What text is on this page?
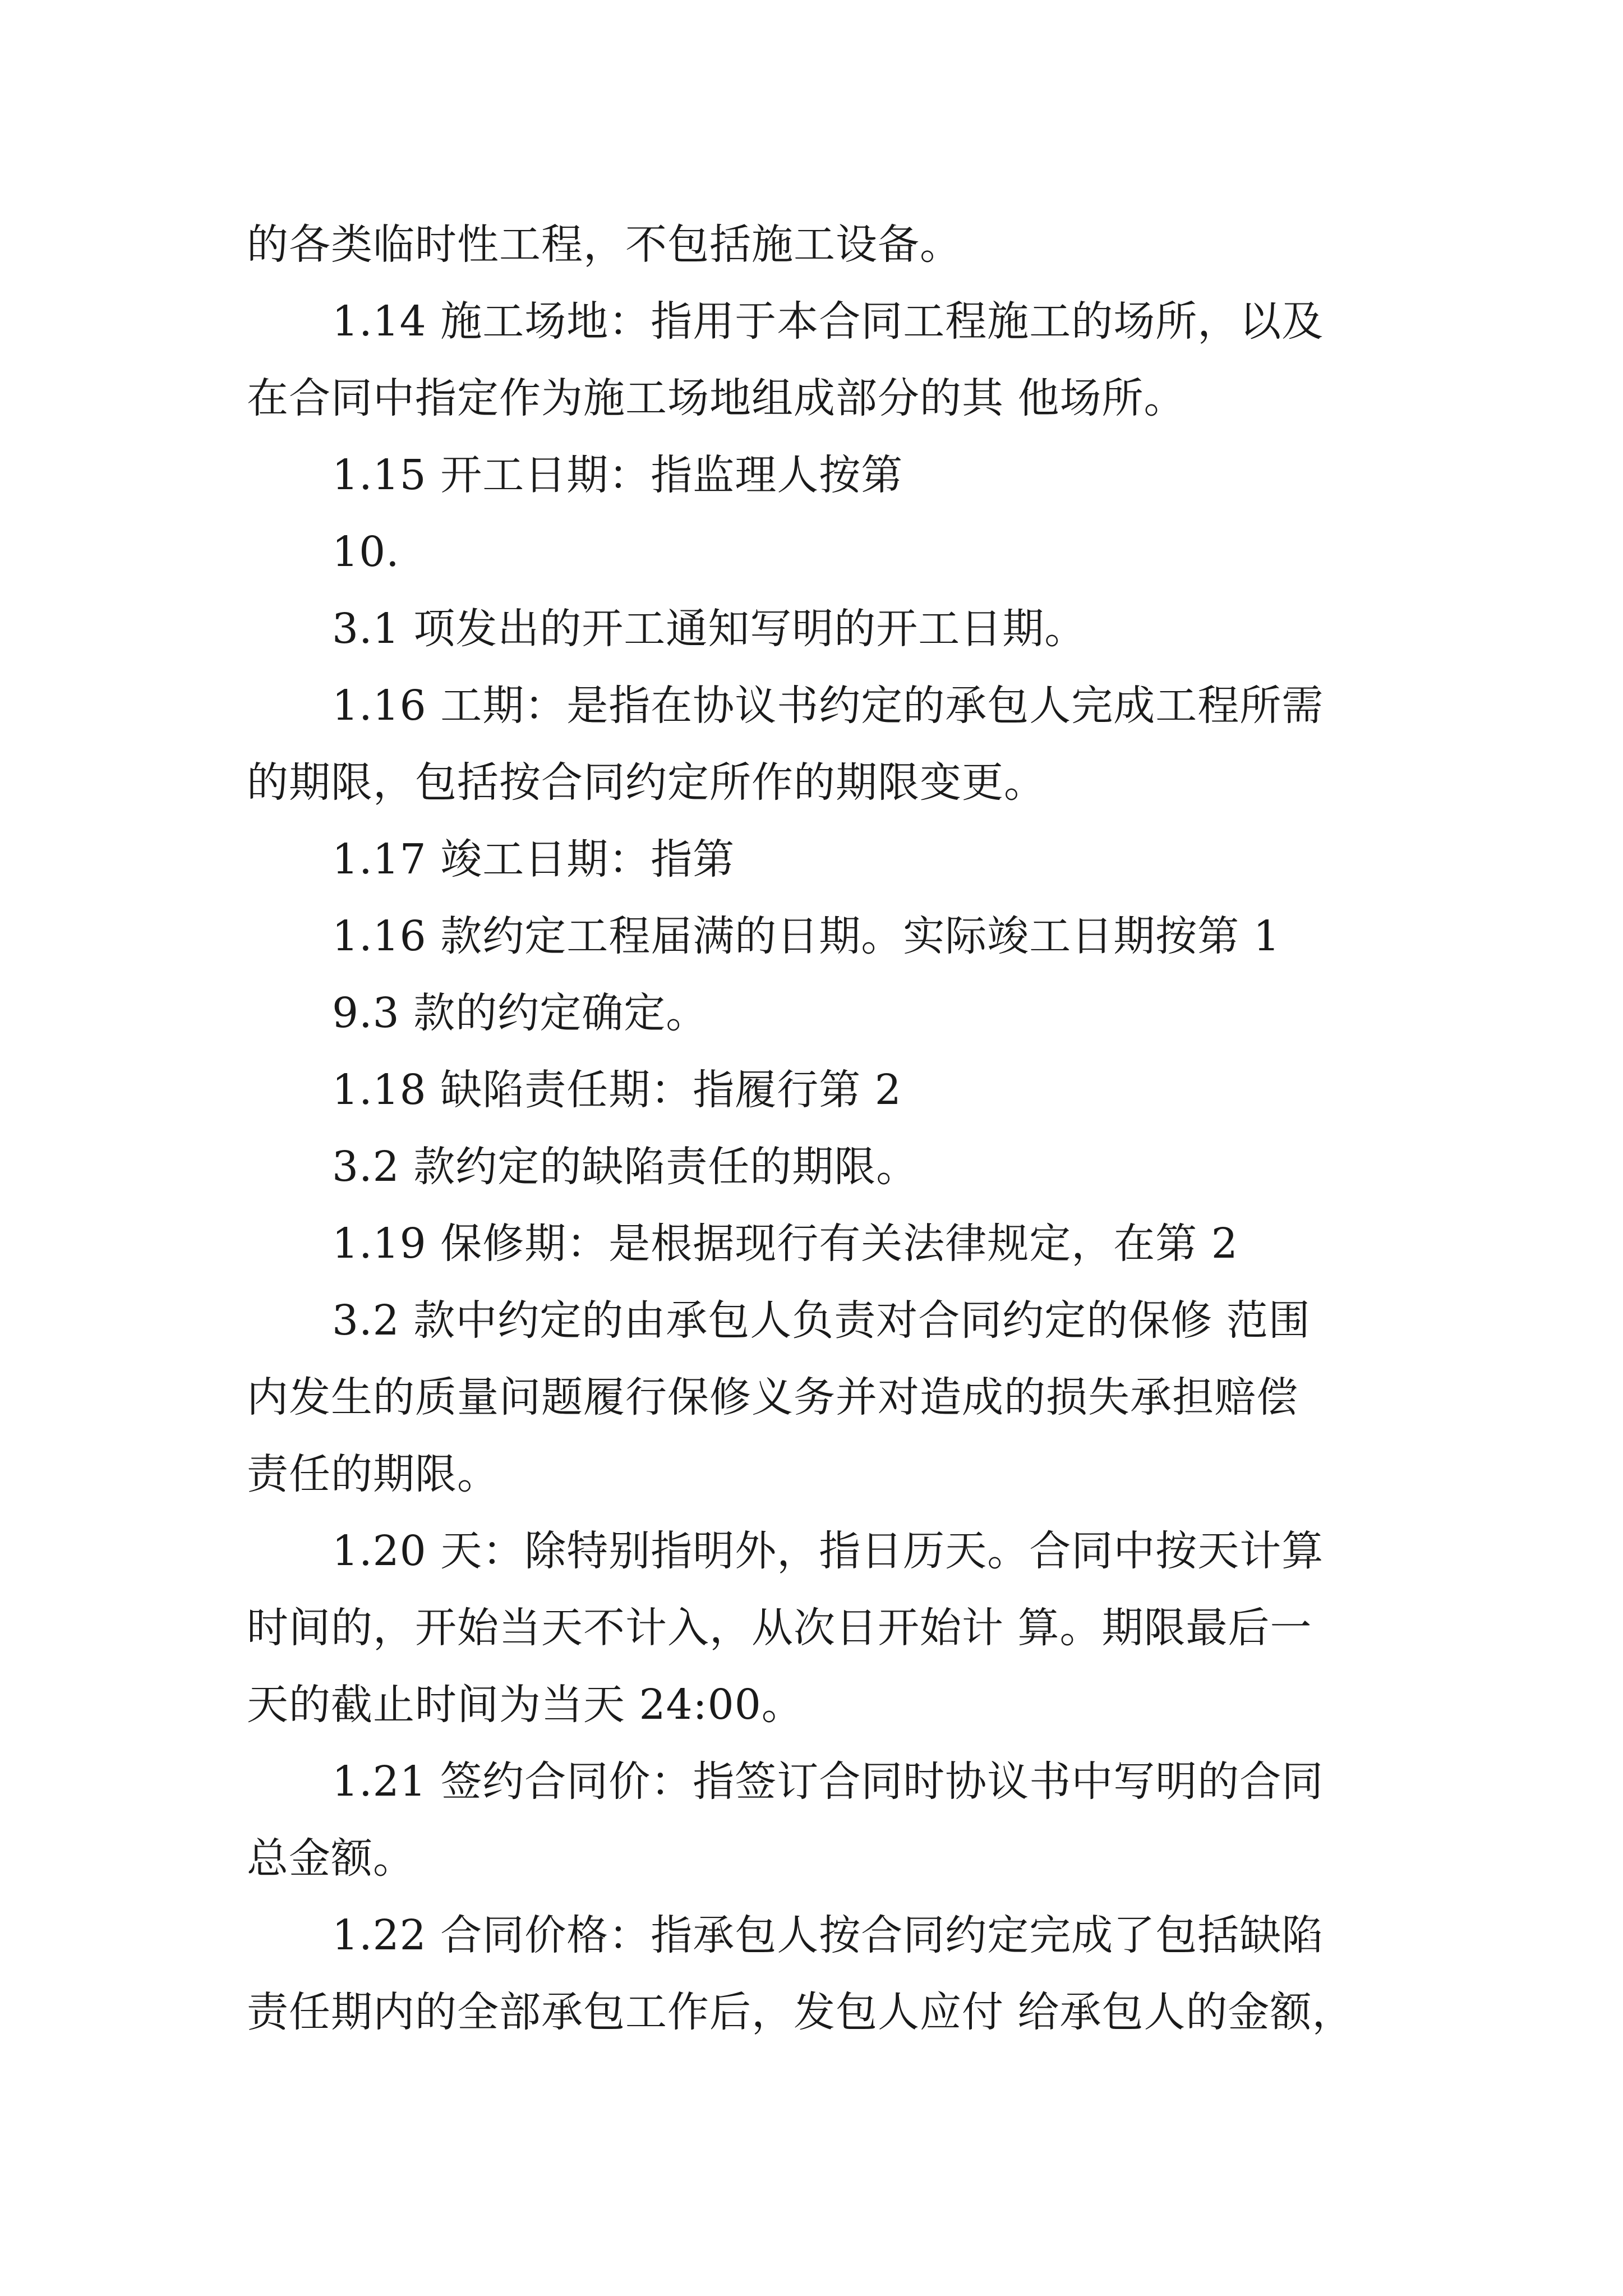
的各类临时性工程，不包括施工设备。
1.14 施工场地：指用于本合同工程施工的场所，以及
在合同中指定作为施工场地组成部分的其 他场所。
1.15 开工日期：指监理人按第
10.
3.1 项发出的开工通知写明的开工日期。
1.16 工期：是指在协议书约定的承包人完成工程所需
的期限，包括按合同约定所作的期限变更。
1.17 竣工日期：指第
1.16 款约定工程届满的日期。实际竣工日期按第 1
9.3 款的约定确定。
1.18 缺陷责任期：指履行第 2
3.2 款约定的缺陷责任的期限。
1.19 保修期：是根据现行有关法律规定，在第 2
3.2 款中约定的由承包人负责对合同约定的保修 范围
内发生的质量问题履行保修义务并对造成的损失承担赔偿
责任的期限。
1.20 天：除特别指明外，指日历天。合同中按天计算
时间的，开始当天不计入，从次日开始计 算。期限最后一
天的截止时间为当天 24:00。
1.21 签约合同价：指签订合同时协议书中写明的合同
总金额。
1.22 合同价格：指承包人按合同约定完成了包括缺陷
责任期内的全部承包工作后，发包人应付 给承包人的金额，
